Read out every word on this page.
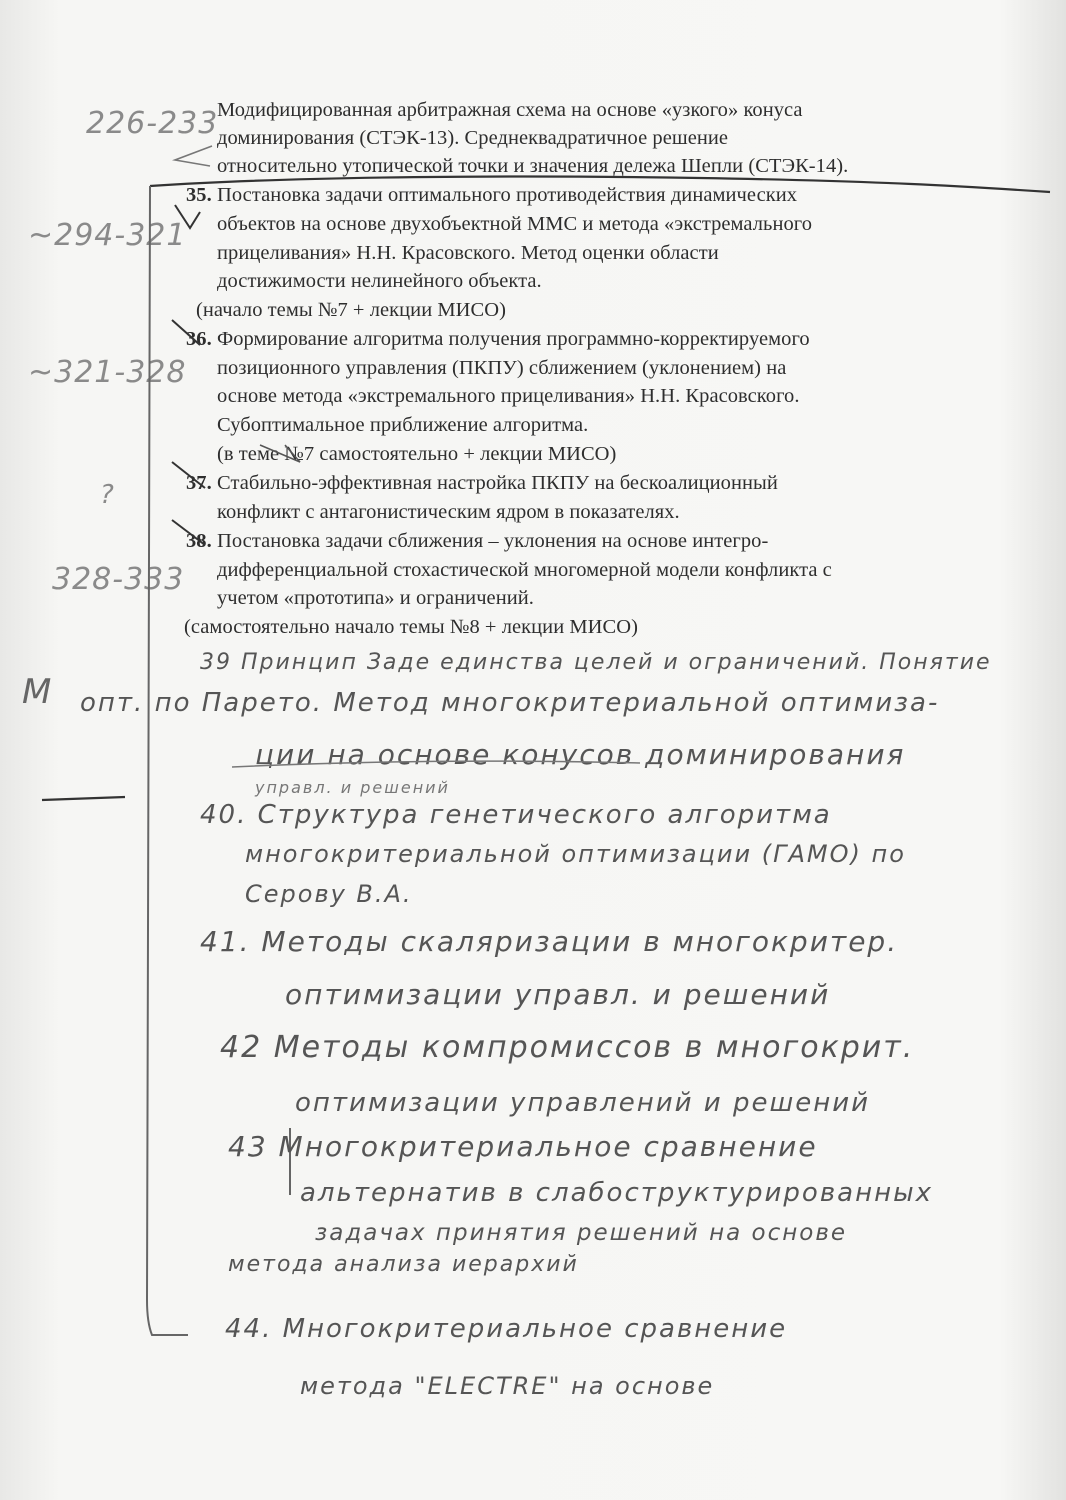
Модифицированная арбитражная схема на основе «узкого» конуса
доминирования (СТЭК-13). Среднеквадратичное решение
относительно утопической точки и значения дележа Шепли (СТЭК-14).
35. Постановка задачи оптимального противодействия динамических
объектов на основе двухобъектной ММС и метода «экстремального
прицеливания» Н.Н. Красовского. Метод оценки области
достижимости нелинейного объекта.
(начало темы №7 + лекции МИСО)
36. Формирование алгоритма получения программно-корректируемого
позиционного управления (ПКПУ) сближением (уклонением) на
основе метода «экстремального прицеливания» Н.Н. Красовского.
Субоптимальное приближение алгоритма.
(в теме №7 самостоятельно + лекции МИСО)
37. Стабильно-эффективная настройка ПКПУ на бескоалиционный
конфликт с антагонистическим ядром в показателях.
38. Постановка задачи сближения – уклонения на основе интегро-
дифференциальной стохастической многомерной модели конфликта с
учетом «прототипа» и ограничений.
(самостоятельно начало темы №8 + лекции МИСО)
226-233
~294-321
~321-328
?
328-333
М
39 Принцип Заде единства целей и ограничений. Понятие
опт. по Парето. Метод многокритериальной оптимиза-
ции на основе конусов доминирования
управл. и решений
40. Структура генетического алгоритма
многокритериальной оптимизации (ГАМО) по
Серову В.А.
41. Методы скаляризации в многокритер.
оптимизации управл. и решений
42 Методы компромиссов в многокрит.
оптимизации управлений и решений
43 Многокритериальное сравнение
альтернатив в слабоструктурированных
задачах принятия решений на основе
метода анализа иерархий
44. Многокритериальное сравнение
метода "ELECTRE" на основе
